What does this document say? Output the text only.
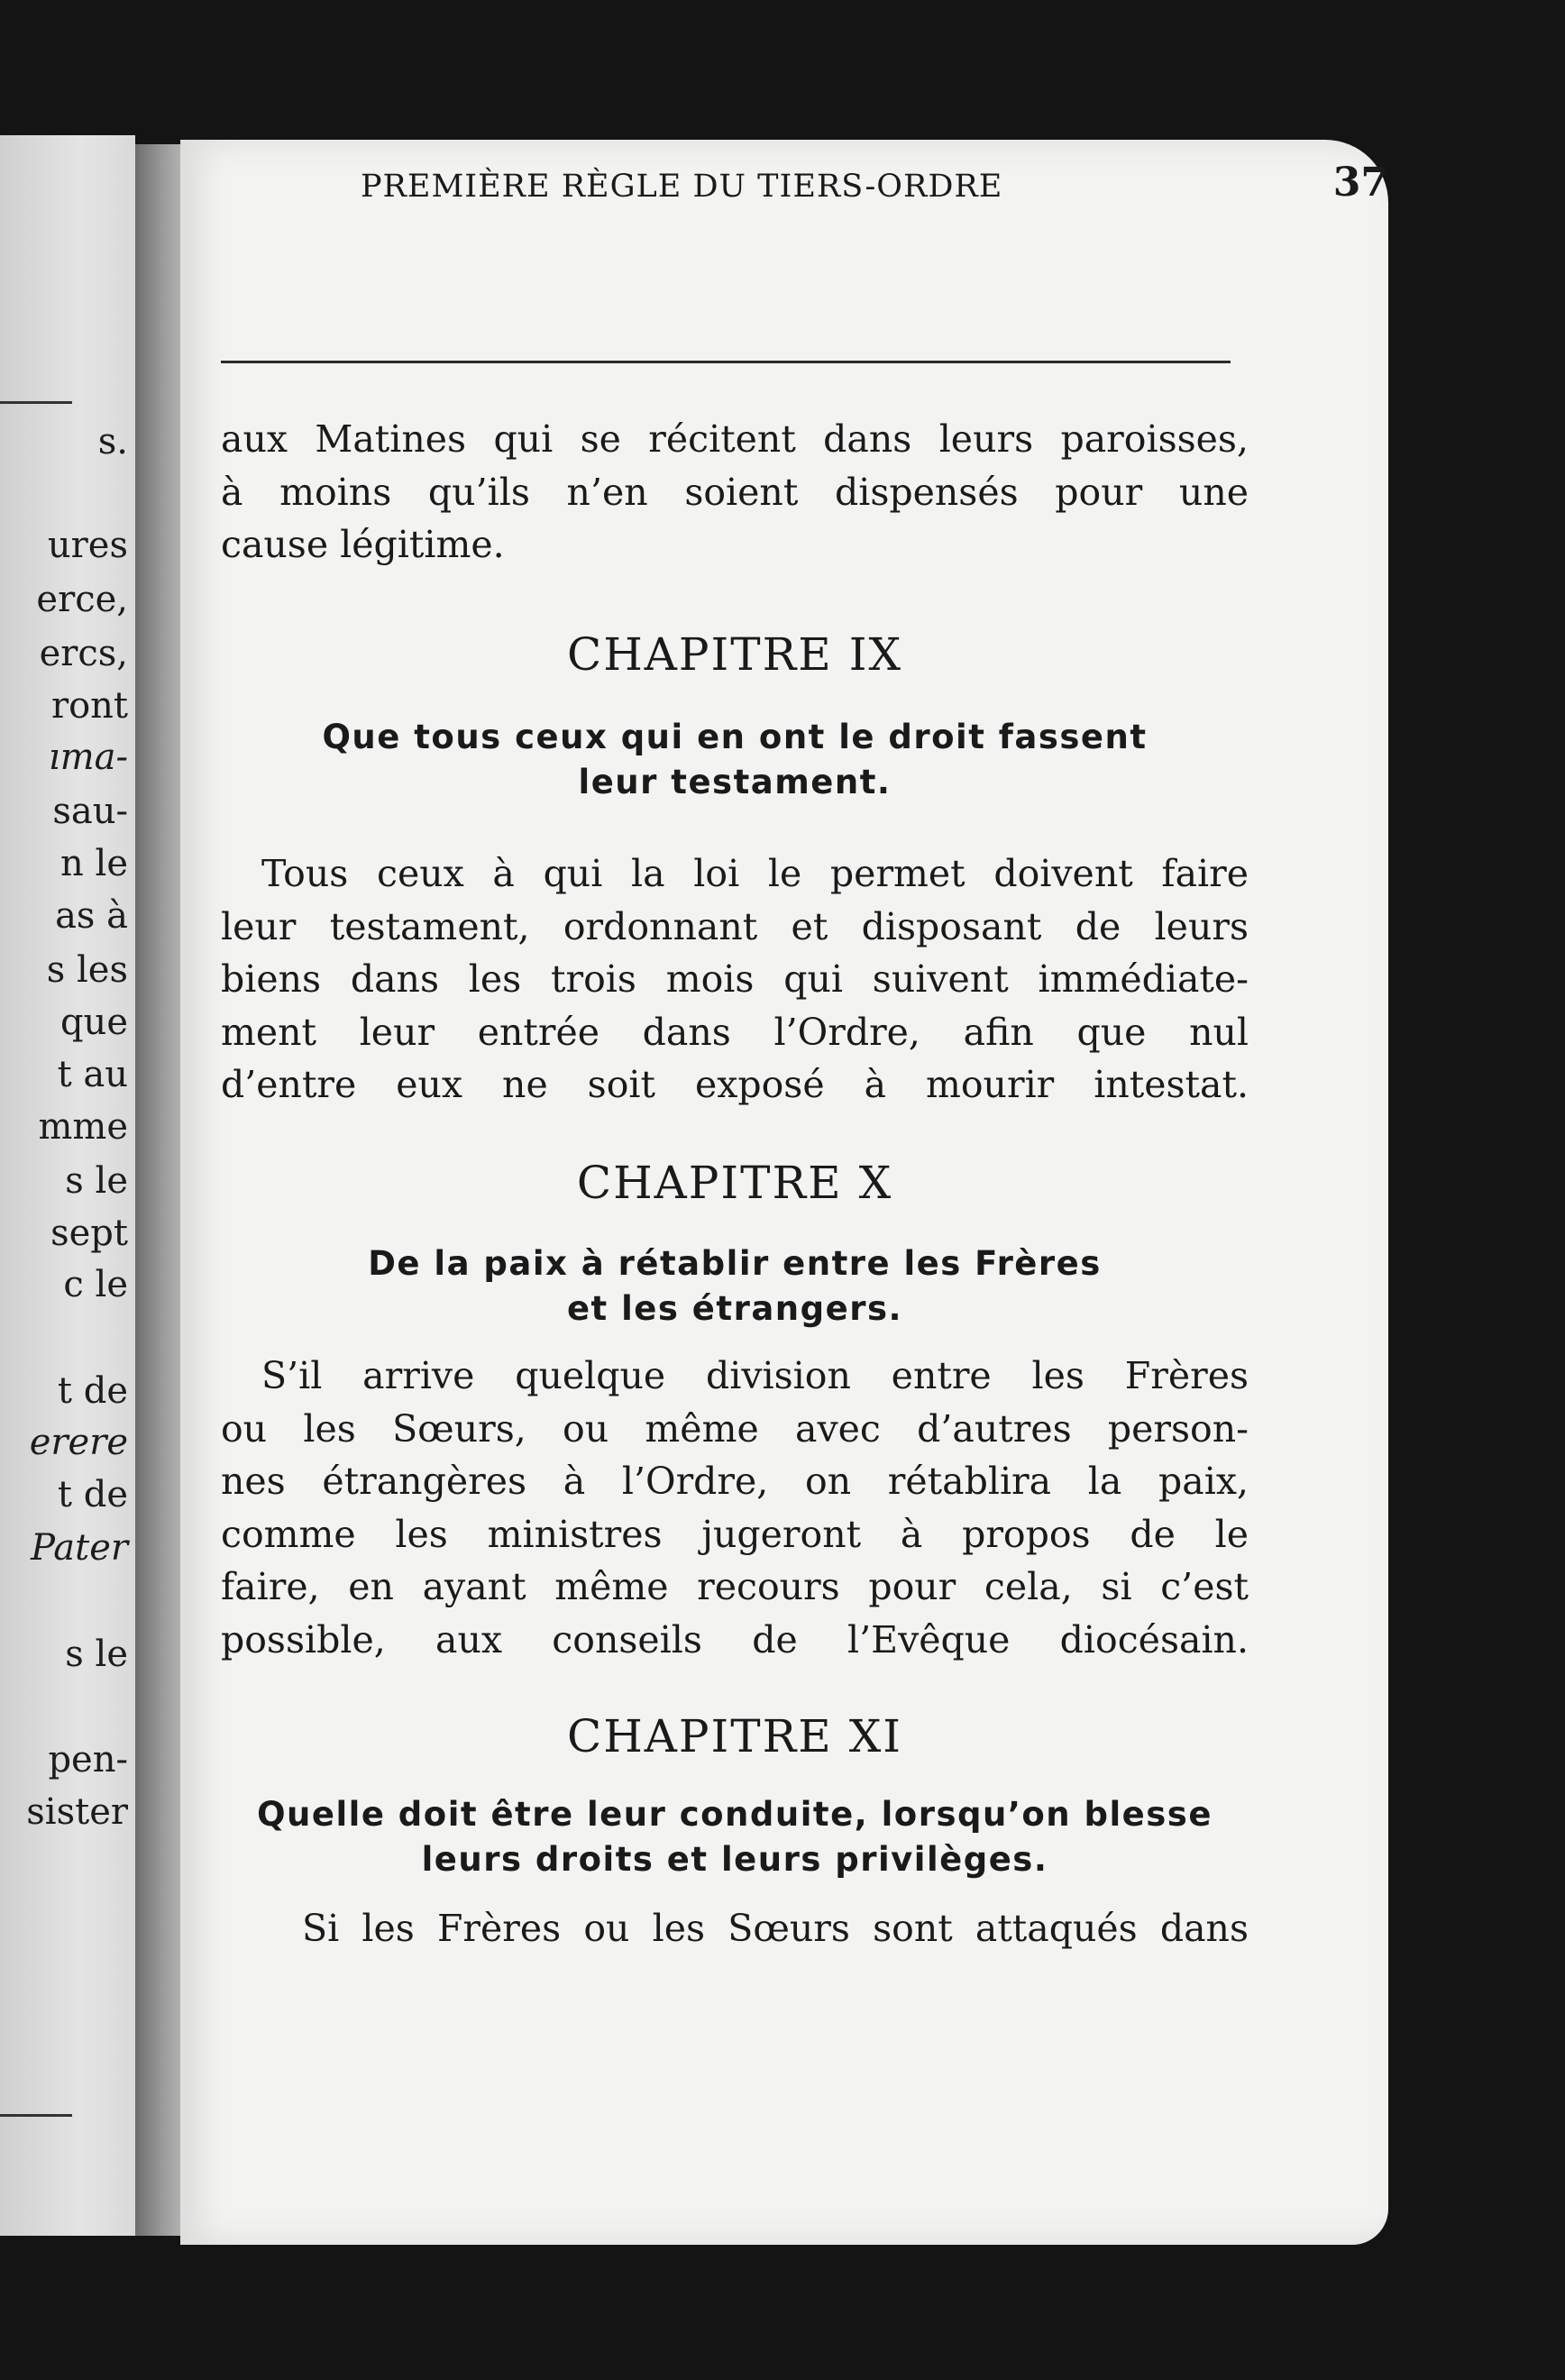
s.
ures
erce,
ercs,
ront
ıma-
sau-
n le
as à
s les
que
t au
mme
s le
sept
c le
t de
erere
t de
Pater
s le
pen-
sister
PREMIÈRE RÈGLE DU TIERS-ORDRE	37

aux Matines qui se récitent dans leurs paroisses,
à moins qu’ils n’en soient dispensés pour une
cause légitime.

CHAPITRE IX

Que tous ceux qui en ont le droit fassent
leur testament.

Tous ceux à qui la loi le permet doivent faire
leur testament, ordonnant et disposant de leurs
biens dans les trois mois qui suivent immédiate-
ment leur entrée dans l’Ordre, afin que nul
d’entre eux ne soit exposé à mourir intestat.

CHAPITRE X

De la paix à rétablir entre les Frères
et les étrangers.

S’il arrive quelque division entre les Frères
ou les Sœurs, ou même avec d’autres person-
nes étrangères à l’Ordre, on rétablira la paix,
comme les ministres jugeront à propos de le
faire, en ayant même recours pour cela, si c’est
possible, aux conseils de l’Evêque diocésain.

CHAPITRE XI

Quelle doit être leur conduite, lorsqu’on blesse
leurs droits et leurs privilèges.

Si les Frères ou les Sœurs sont attaqués dans
